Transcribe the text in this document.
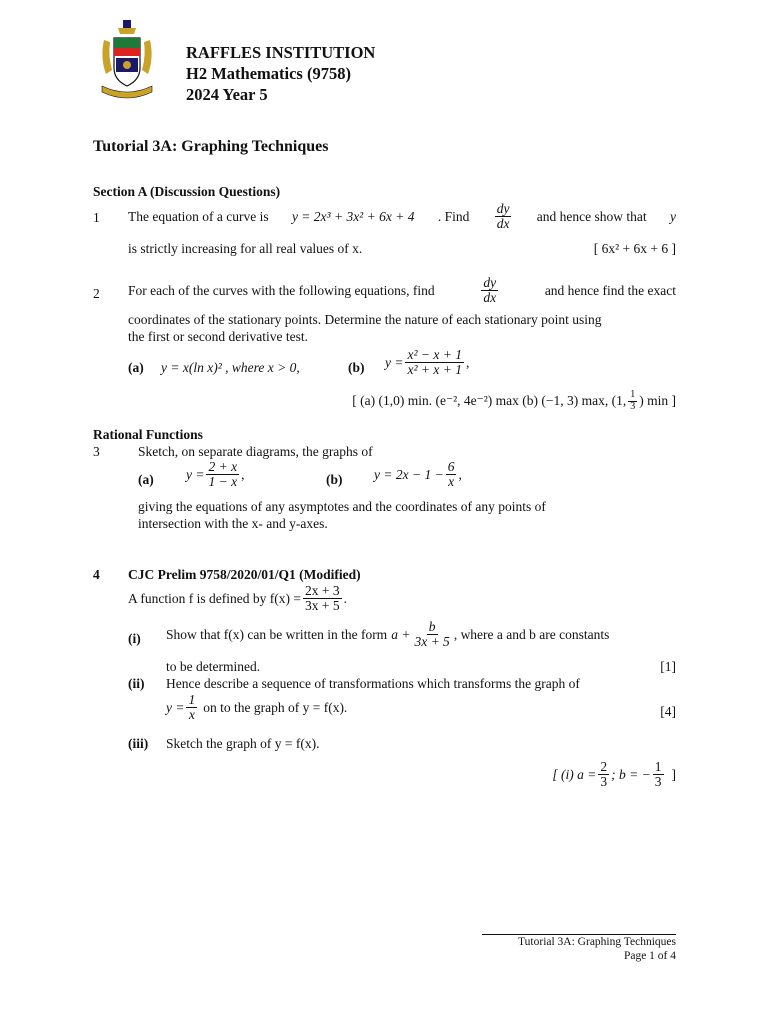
RAFFLES INSTITUTION
H2 Mathematics (9758)
2024 Year 5
Tutorial 3A: Graphing Techniques
Section A (Discussion Questions)
1 The equation of a curve is y = 2x³ + 3x² + 6x + 4 . Find $\frac{dy}{dx}$ and hence show that y
is strictly increasing for all real values of x.	[ 6x² + 6x + 6 ]
2 For each of the curves with the following equations, find	$\frac{dy}{dx}$	and hence find the exact
coordinates of the stationary points. Determine the nature of each stationary point using
the first or second derivative test.
(a) y = x(ln x)² , where x > 0,	(b) $y = \frac{\text{x² − x + 1}}{\text{x² + x + 1}}$ ,
[ (a) (1,0) min. (e⁻², 4e⁻²) max (b) (−1, 3) max, (1, $\frac{1}{3}$ ) min ]
Rational Functions
3	Sketch, on separate diagrams, the graphs of
(a) $y = \frac{2 + x}{1 - x}$ ,	(b) $y = 2x - 1 - \frac{6}{x}$ ,
giving the equations of any asymptotes and the coordinates of any points of
intersection with the x- and y-axes.
4 CJC Prelim 9758/2020/01/Q1 (Modified)
A function f is defined by $f(x) = \frac{2x + 3}{3x + 5}$ .
(i) Show that f(x) can be written in the form $a + \frac{b}{3x + 5}$ , where a and b are constants
to be determined.	[1]
(ii) Hence describe a sequence of transformations which transforms the graph of
$y = \frac{1}{x}$ on to the graph of y = f(x).	[4]
(iii) Sketch the graph of y = f(x).
[ (i) $a = \frac{2}{3}$ ; b = − $\frac{1}{3}$ ]
Tutorial 3A: Graphing Techniques
Page 1 of 4
